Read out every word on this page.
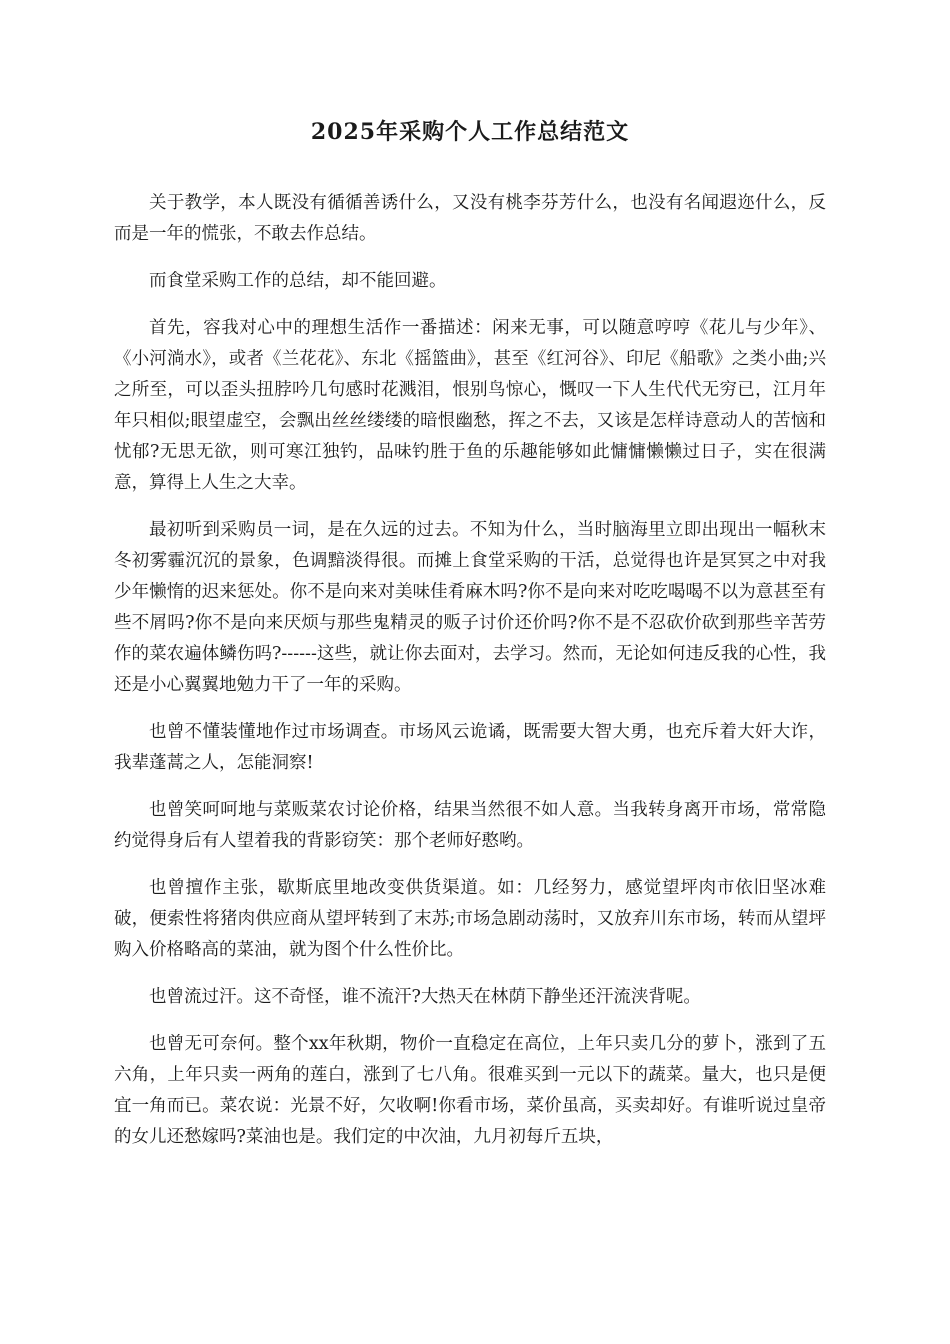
2025年采购个人工作总结范文

关于教学，本人既没有循循善诱什么，又没有桃李芬芳什么，也没有名闻遐迩什么，反而是一年的慌张，不敢去作总结。

而食堂采购工作的总结，却不能回避。

首先，容我对心中的理想生活作一番描述：闲来无事，可以随意哼哼《花儿与少年》、《小河淌水》，或者《兰花花》、东北《摇篮曲》，甚至《红河谷》、印尼《船歌》之类小曲;兴之所至，可以歪头扭脖吟几句感时花溅泪，恨别鸟惊心，慨叹一下人生代代无穷已，江月年年只相似;眼望虚空，会飘出丝丝缕缕的暗恨幽愁，挥之不去，又该是怎样诗意动人的苦恼和忧郁?无思无欲，则可寒江独钓，品味钓胜于鱼的乐趣能够如此慵慵懒懒过日子，实在很满意，算得上人生之大幸。

最初听到采购员一词，是在久远的过去。不知为什么，当时脑海里立即出现出一幅秋末冬初雾霾沉沉的景象，色调黯淡得很。而摊上食堂采购的干活，总觉得也许是冥冥之中对我少年懒惰的迟来惩处。你不是向来对美味佳肴麻木吗?你不是向来对吃吃喝喝不以为意甚至有些不屑吗?你不是向来厌烦与那些鬼精灵的贩子讨价还价吗?你不是不忍砍价砍到那些辛苦劳作的菜农遍体鳞伤吗?------这些，就让你去面对，去学习。然而，无论如何违反我的心性，我还是小心翼翼地勉力干了一年的采购。

也曾不懂装懂地作过市场调查。市场风云诡谲，既需要大智大勇，也充斥着大奸大诈，我辈蓬蒿之人，怎能洞察!

也曾笑呵呵地与菜贩菜农讨论价格，结果当然很不如人意。当我转身离开市场，常常隐约觉得身后有人望着我的背影窃笑：那个老师好憨哟。

也曾擅作主张，歇斯底里地改变供货渠道。如：几经努力，感觉望坪肉市依旧坚冰难破，便索性将猪肉供应商从望坪转到了末苏;市场急剧动荡时，又放弃川东市场，转而从望坪购入价格略高的菜油，就为图个什么性价比。

也曾流过汗。这不奇怪，谁不流汗?大热天在林荫下静坐还汗流浃背呢。

也曾无可奈何。整个xx年秋期，物价一直稳定在高位，上年只卖几分的萝卜，涨到了五六角，上年只卖一两角的莲白，涨到了七八角。很难买到一元以下的蔬菜。量大，也只是便宜一角而已。菜农说：光景不好，欠收啊!你看市场，菜价虽高，买卖却好。有谁听说过皇帝的女儿还愁嫁吗?菜油也是。我们定的中次油，九月初每斤五块，
